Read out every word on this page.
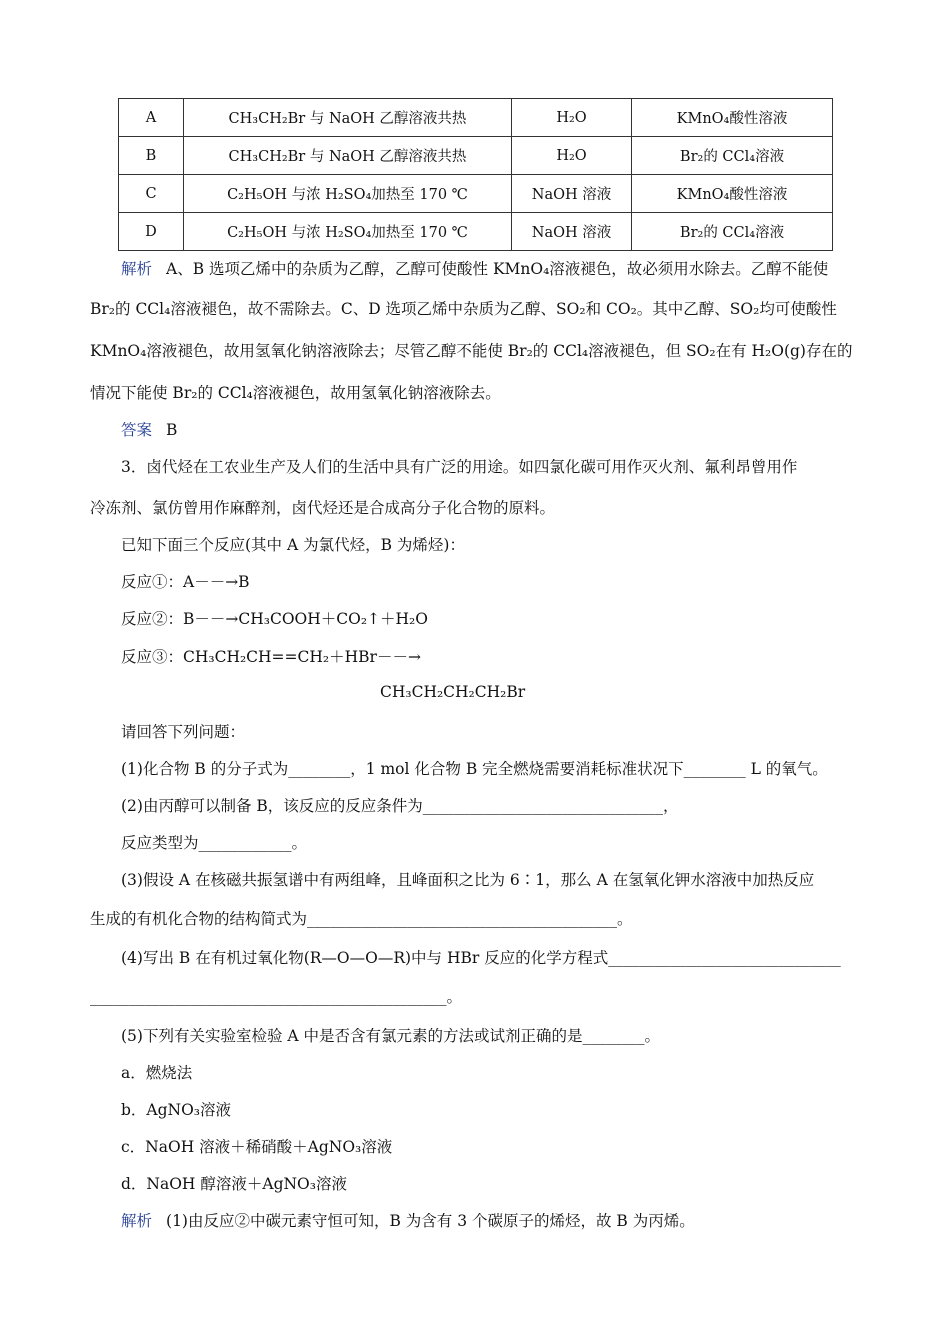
A	CH₃CH₂Br 与 NaOH 乙醇溶液共热	H₂O	KMnO₄酸性溶液
B	CH₃CH₂Br 与 NaOH 乙醇溶液共热	H₂O	Br₂的 CCl₄溶液
C	C₂H₅OH 与浓 H₂SO₄加热至 170 ℃	NaOH 溶液	KMnO₄酸性溶液
D	C₂H₅OH 与浓 H₂SO₄加热至 170 ℃	NaOH 溶液	Br₂的 CCl₄溶液
解析 A、B 选项乙烯中的杂质为乙醇，乙醇可使酸性 KMnO₄溶液褪色，故必须用水除去。乙醇不能使
Br₂的 CCl₄溶液褪色，故不需除去。C、D 选项乙烯中杂质为乙醇、SO₂和 CO₂。其中乙醇、SO₂均可使酸性
KMnO₄溶液褪色，故用氢氧化钠溶液除去；尽管乙醇不能使 Br₂的 CCl₄溶液褪色，但 SO₂在有 H₂O(g)存在的
情况下能使 Br₂的 CCl₄溶液褪色，故用氢氧化钠溶液除去。
答案 B
3．卤代烃在工农业生产及人们的生活中具有广泛的用途。如四氯化碳可用作灭火剂、氟利昂曾用作
冷冻剂、氯仿曾用作麻醉剂，卤代烃还是合成高分子化合物的原料。
已知下面三个反应(其中 A 为氯代烃，B 为烯烃)：
反应①：A－－→B
反应②：B－－→CH₃COOH＋CO₂↑＋H₂O
反应③：CH₃CH₂CH==CH₂＋HBr－－→
CH₃CH₂CH₂CH₂Br
请回答下列问题：
(1)化合物 B 的分子式为________，1 mol 化合物 B 完全燃烧需要消耗标准状况下________ L 的氧气。
(2)由丙醇可以制备 B，该反应的反应条件为_______________________________，
反应类型为____________。
(3)假设 A 在核磁共振氢谱中有两组峰，且峰面积之比为 6∶1，那么 A 在氢氧化钾水溶液中加热反应
生成的有机化合物的结构简式为________________________________________。
(4)写出 B 在有机过氧化物(R—O—O—R)中与 HBr 反应的化学方程式______________________________
______________________________________________。
(5)下列有关实验室检验 A 中是否含有氯元素的方法或试剂正确的是________。
a．燃烧法
b．AgNO₃溶液
c．NaOH 溶液＋稀硝酸＋AgNO₃溶液
d．NaOH 醇溶液＋AgNO₃溶液
解析 (1)由反应②中碳元素守恒可知，B 为含有 3 个碳原子的烯烃，故 B 为丙烯。
